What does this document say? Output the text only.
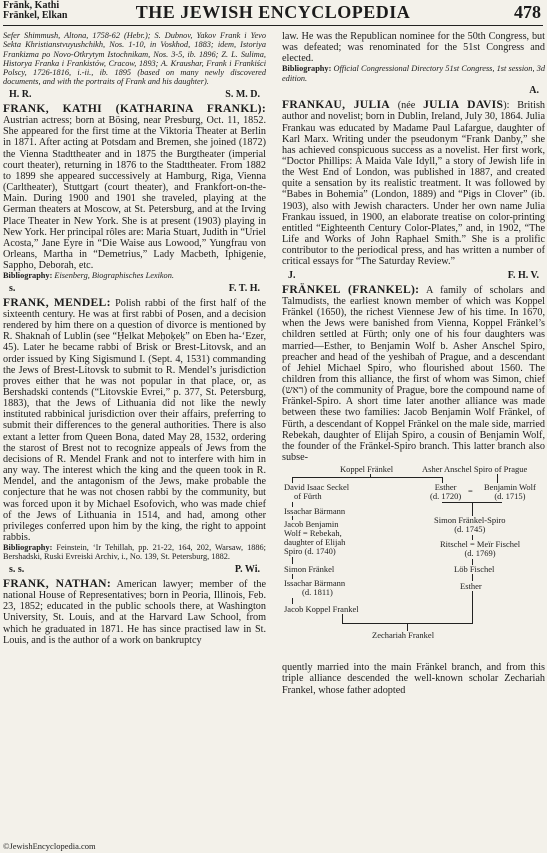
Fränk, Kathi
Fränkel, Elkan	THE JEWISH ENCYCLOPEDIA	478

Sefer Shimmush, Altona, 1758-62 (Hebr.); S. Dubnov, Yakov Frank i Yevo Sekta Khristianstvuyushchikh, Nos. 1-10, in Voskhod, 1883; idem, Istoriya Frankizma po Novo-Otkrytym Istochnikam, Nos. 3-5, ib. 1896; Z. L. Sulima, Historya Franka i Frankistów, Cracow, 1893; A. Kraushar, Frank i Frankiści Polscy, 1726-1816, i.-ii., ib. 1895 (based on many newly discovered documents, and with the portraits of Frank and his daughter).

H. R.	S. M. D.

FRANK, KATHI (KATHARINA FRANKL): Austrian actress; born at Bösing, near Presburg, Oct. 11, 1852. She appeared for the first time at the Viktoria Theater at Berlin in 1871. After acting at Potsdam and Bremen, she joined (1872) the Vienna Stadttheater and in 1875 the Burgtheater (imperial court theater), returning in 1876 to the Stadttheater. From 1882 to 1899 she appeared successively at Hamburg, Riga, Vienna (Carltheater), Stuttgart (court theater), and Frankfort-on-the-Main. During 1900 and 1901 she traveled, playing at the German theaters at Moscow, at St. Petersburg, and at the Irving Place Theater in New York. She is at present (1903) playing in New York. Her principal rôles are: Maria Stuart, Judith in “Uriel Acosta,” Jane Eyre in “Die Waise aus Lowood,” Yungfrau von Orleans, Martha in “Demetrius,” Lady Macbeth, Iphigenie, Sappho, Deborah, etc.

Bibliography: Eisenberg, Biographisches Lexikon.

s.	F. T. H.

FRANK, MENDEL: Polish rabbi of the first half of the sixteenth century. He was at first rabbi of Posen, and a decision rendered by him there on a question of divorce is mentioned by R. Shaknah of Lublin (see “Ḥelkat Meḥoḳeḳ” on Eben ha-‘Ezer, 45). Later he became rabbi of Brisk or Brest-Litovsk, and an order issued by King Sigismund I. (Sept. 4, 1531) commanding the Jews of Brest-Litovsk to submit to R. Mendel’s jurisdiction proves either that he was not popular in that place, or, as Bershadski contends (“Litovskie Evrei,” p. 377, St. Petersburg, 1883), that the Jews of Lithuania did not like the newly instituted rabbinical jurisdiction over their affairs, preferring to submit their differences to the general authorities. There is also extant a letter from Queen Bona, dated May 28, 1532, ordering the starost of Brest not to recognize appeals of Jews from the decisions of R. Mendel Frank and not to interfere with him in any way. The interest which the king and the queen took in R. Mendel, and the antagonism of the Jews, make probable the conjecture that he was not chosen rabbi by the community, but was forced upon it by Michael Esofovich, who was made chief of the Jews of Lithuania in 1514, and had, among other privileges conferred upon him by the king, the right to appoint rabbis.

Bibliography: Feinstein, ‘Ir Tehillah, pp. 21-22, 164, 202, Warsaw, 1886; Bershadski, Ruski Evreiski Archiv, i., No. 139, St. Petersburg, 1882.

s. s.	P. Wi.

FRANK, NATHAN: American lawyer; member of the national House of Representatives; born in Peoria, Illinois, Feb. 23, 1852; educated in the public schools there, at Washington University, St. Louis, and at the Harvard Law School, from which he graduated in 1871. He has since practised law in St. Louis, and is the author of a work on bankruptcy

law. He was the Republican nominee for the 50th Congress, but was defeated; was renominated for the 51st Congress and elected.

Bibliography: Official Congressional Directory 51st Congress, 1st session, 3d edition.

A.

FRANKAU, JULIA (née JULIA DAVIS): British author and novelist; born in Dublin, Ireland, July 30, 1864. Julia Frankau was educated by Madame Paul Lafargue, daughter of Karl Marx. Writing under the pseudonym “Frank Danby,” she has achieved conspicuous success as a novelist. Her first work, “Doctor Phillips: A Maida Vale Idyll,” a story of Jewish life in the West End of London, was published in 1887, and created quite a sensation by its realistic treatment. It was followed by “Babes in Bohemia” (London, 1889) and “Pigs in Clover” (ib. 1903), also with Jewish characters. Under her own name Julia Frankau issued, in 1900, an elaborate treatise on color-printing entitled “Eighteenth Century Color-Plates,” and, in 1902, “The Life and Works of John Raphael Smith.” She is a prolific contributor to the periodical press, and has written a number of critical essays for “The Saturday Review.”

J.	F. H. V.

FRÄNKEL (FRANKEL): A family of scholars and Talmudists, the earliest known member of which was Koppel Fränkel (1650), the richest Viennese Jew of his time. In 1670, when the Jews were banished from Vienna, Koppel Fränkel’s children settled at Fürth; only one of his four daughters was married—Esther, to Benjamin Wolf b. Asher Anschel Spiro, preacher and head of the yeshibah of Prague, and a descendant of Jehiel Michael Spiro, who flourished about 1560. The children from this alliance, the first of whom was Simon, chief (ראש) of the community of Prague, bore the compound name of Fränkel-Spiro. A short time later another alliance was made between these two families: Jacob Benjamin Wolf Fränkel, of Fürth, a descendant of Koppel Fränkel on the male side, married Rebekah, daughter of Elijah Spiro, a cousin of Benjamin Wolf, the founder of the Fränkel-Spiro branch. This latter branch also subse-

Koppel Fränkel	Asher Anschel Spiro of Prague
David Isaac Seckel
of Fürth
Esther
(d. 1720) = Benjamin Wolf
(d. 1715)
Issachar Bärmann
Jacob Benjamin
Wolf = Rebekah,
daughter of Elijah
Spiro (d. 1740)
Simon Fränkel-Spiro
(d. 1745)
Ritschel = Meïr Fischel
(d. 1769)
Simon Fränkel
Issachar Bärmann
(d. 1811)
Jacob Koppel Frankel
Löb Fischel
Esther
Zechariah Frankel

quently married into the main Fränkel branch, and from this triple alliance descended the well-known scholar Zechariah Frankel, whose father adopted

©JewishEncyclopedia.com
